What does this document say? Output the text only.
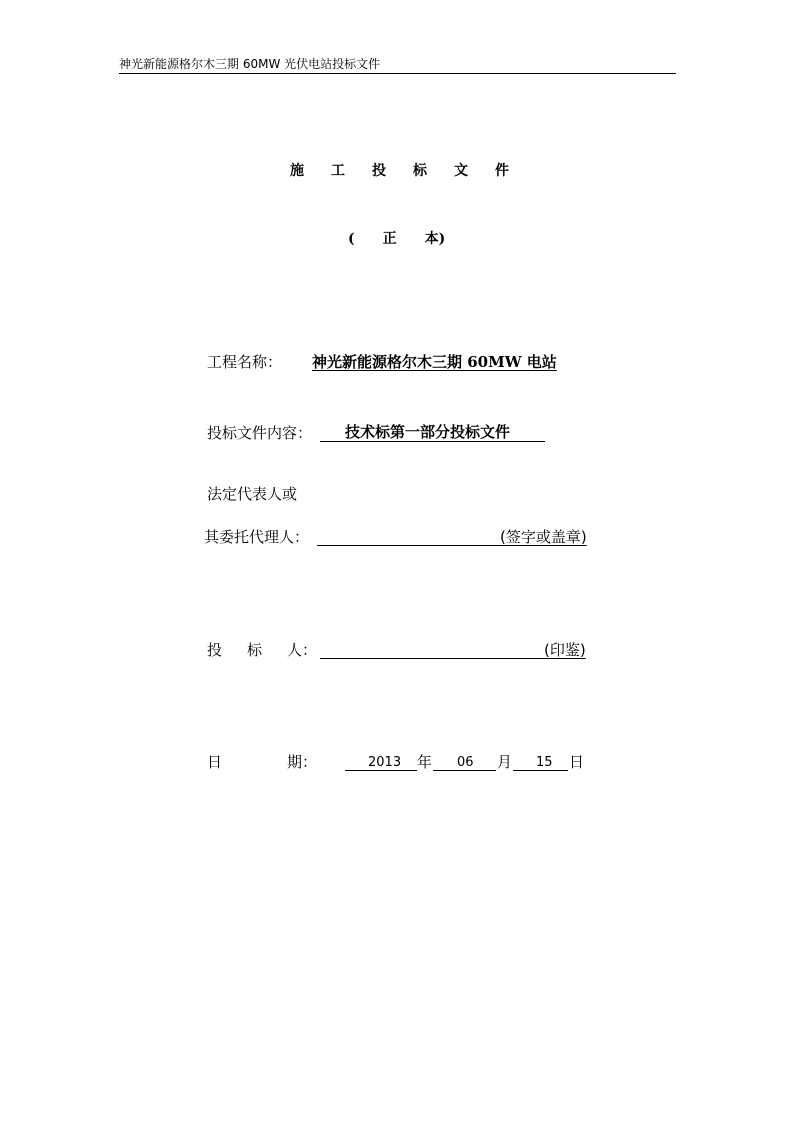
神光新能源格尔木三期 60MW 光伏电站投标文件
施工投标文件
( 正 本)
工程名称： 神光新能源格尔木三期 60MW 电站
投标文件内容： 技术标第一部分投标文件
法定代表人或
其委托代理人：	(签字或盖章)
投 标 人：	(印鉴)
日	期：	2013 年 06 月 15 日
